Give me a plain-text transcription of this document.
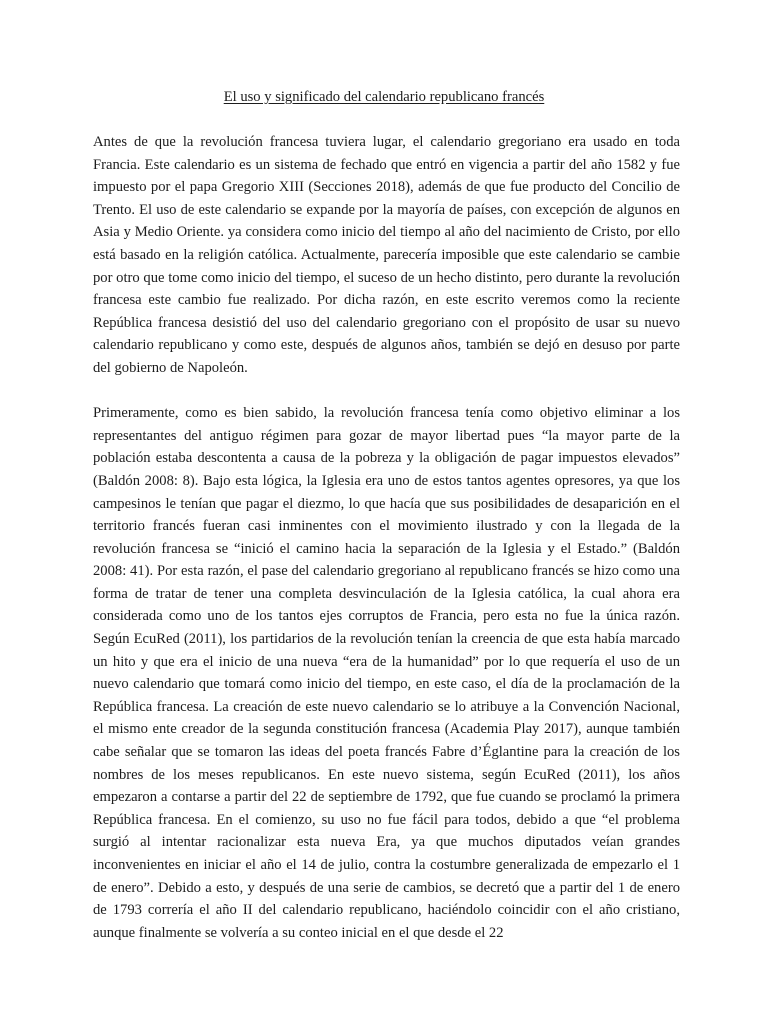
El uso y significado del calendario republicano francés

Antes de que la revolución francesa tuviera lugar, el calendario gregoriano era usado en toda Francia. Este calendario es un sistema de fechado que entró en vigencia a partir del año 1582 y fue impuesto por el papa Gregorio XIII (Secciones 2018), además de que fue producto del Concilio de Trento. El uso de este calendario se expande por la mayoría de países, con excepción de algunos en Asia y Medio Oriente. ya considera como inicio del tiempo al año del nacimiento de Cristo, por ello está basado en la religión católica. Actualmente, parecería imposible que este calendario se cambie por otro que tome como inicio del tiempo, el suceso de un hecho distinto, pero durante la revolución francesa este cambio fue realizado. Por dicha razón, en este escrito veremos como la reciente República francesa desistió del uso del calendario gregoriano con el propósito de usar su nuevo calendario republicano y como este, después de algunos años, también se dejó en desuso por parte del gobierno de Napoleón.

Primeramente, como es bien sabido, la revolución francesa tenía como objetivo eliminar a los representantes del antiguo régimen para gozar de mayor libertad pues “la mayor parte de la población estaba descontenta a causa de la pobreza y la obligación de pagar impuestos elevados” (Baldón 2008: 8). Bajo esta lógica, la Iglesia era uno de estos tantos agentes opresores, ya que los campesinos le tenían que pagar el diezmo, lo que hacía que sus posibilidades de desaparición en el territorio francés fueran casi inminentes con el movimiento ilustrado y con la llegada de la revolución francesa se “inició el camino hacia la separación de la Iglesia y el Estado.” (Baldón 2008: 41). Por esta razón, el pase del calendario gregoriano al republicano francés se hizo como una forma de tratar de tener una completa desvinculación de la Iglesia católica, la cual ahora era considerada como uno de los tantos ejes corruptos de Francia, pero esta no fue la única razón. Según EcuRed (2011), los partidarios de la revolución tenían la creencia de que esta había marcado un hito y que era el inicio de una nueva “era de la humanidad” por lo que requería el uso de un nuevo calendario que tomará como inicio del tiempo, en este caso, el día de la proclamación de la República francesa. La creación de este nuevo calendario se lo atribuye a la Convención Nacional, el mismo ente creador de la segunda constitución francesa (Academia Play 2017), aunque también cabe señalar que se tomaron las ideas del poeta francés Fabre d’Églantine para la creación de los nombres de los meses republicanos. En este nuevo sistema, según EcuRed (2011), los años empezaron a contarse a partir del 22 de septiembre de 1792, que fue cuando se proclamó la primera República francesa. En el comienzo, su uso no fue fácil para todos, debido a que “el problema surgió al intentar racionalizar esta nueva Era, ya que muchos diputados veían grandes inconvenientes en iniciar el año el 14 de julio, contra la costumbre generalizada de empezarlo el 1 de enero”. Debido a esto, y después de una serie de cambios, se decretó que a partir del 1 de enero de 1793 correría el año II del calendario republicano, haciéndolo coincidir con el año cristiano, aunque finalmente se volvería a su conteo inicial en el que desde el 22
